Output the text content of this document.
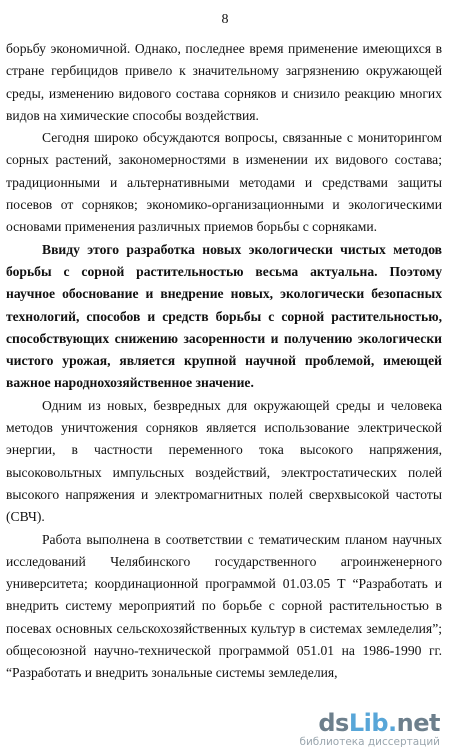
8

борьбу экономичной. Однако, последнее время применение имеющихся в стране гербицидов привело к значительному загрязнению окружающей среды, изменению видового состава сорняков и снизило реакцию многих видов на химические способы воздействия.

Сегодня широко обсуждаются вопросы, связанные с мониторингом сорных растений, закономерностями в изменении их видового состава; традиционными и альтернативными методами и средствами защиты посевов от сорняков; экономико-организационными и экологическими основами применения различных приемов борьбы с сорняками.

Ввиду этого разработка новых экологически чистых методов борьбы с сорной растительностью весьма актуальна. Поэтому научное обоснование и внедрение новых, экологически безопасных технологий, способов и средств борьбы с сорной растительностью, способствующих снижению засоренности и получению экологически чистого урожая, является крупной научной проблемой, имеющей важное народнохозяйственное значение.

Одним из новых, безвредных для окружающей среды и человека методов уничтожения сорняков является использование электрической энергии, в частности переменного тока высокого напряжения, высоковольтных импульсных воздействий, электростатических полей высокого напряжения и электромагнитных полей сверхвысокой частоты (СВЧ).

Работа выполнена в соответствии с тематическим планом научных исследований Челябинского государственного агроинженерного университета; координационной программой 01.03.05 Т “Разработать и внедрить систему мероприятий по борьбе с сорной растительностью в посевах основных сельскохозяйственных культур в системах земледелия”; общесоюзной научно-технической программой 051.01 на 1986-1990 гг. “Разработать и внедрить зональные системы земледелия,

dsLib.net
библиотека диссертаций
